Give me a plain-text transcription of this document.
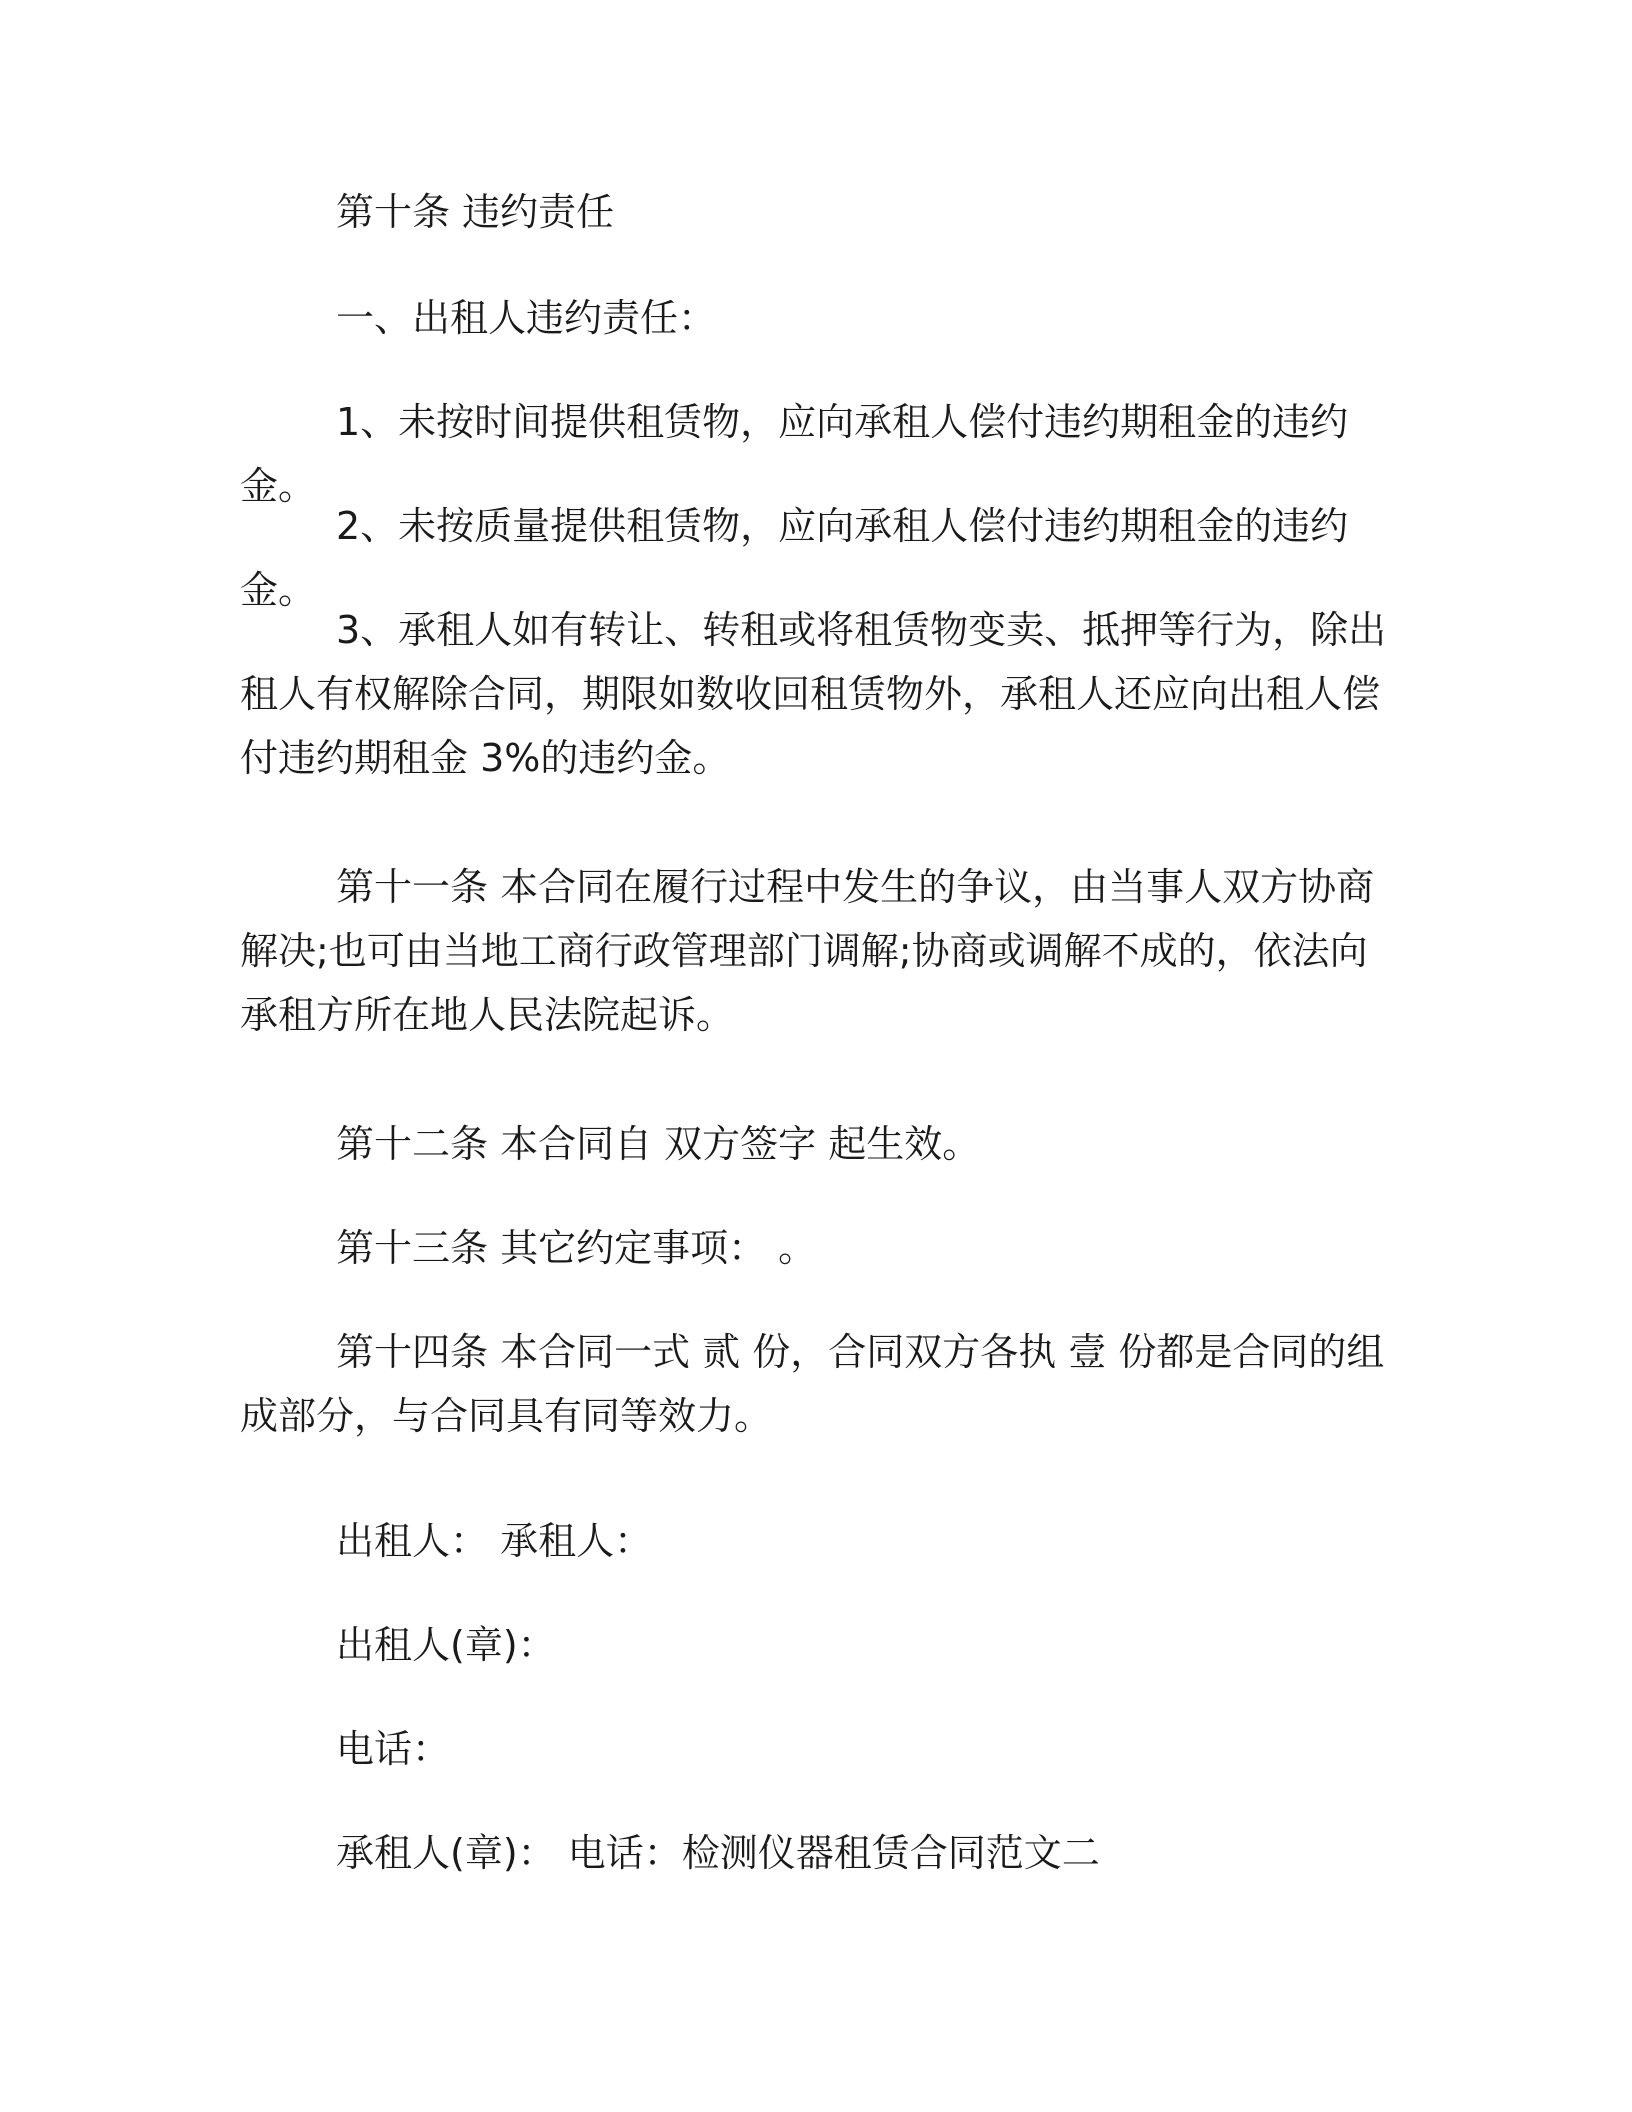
第十条 违约责任

一、出租人违约责任：

1、未按时间提供租赁物，应向承租人偿付违约期租金的违约金。

2、未按质量提供租赁物，应向承租人偿付违约期租金的违约金。

3、承租人如有转让、转租或将租赁物变卖、抵押等行为，除出租人有权解除合同，期限如数收回租赁物外，承租人还应向出租人偿付违约期租金 3%的违约金。

第十一条 本合同在履行过程中发生的争议，由当事人双方协商解决;也可由当地工商行政管理部门调解;协商或调解不成的，依法向承租方所在地人民法院起诉。

第十二条 本合同自 双方签字 起生效。

第十三条 其它约定事项： 。

第十四条 本合同一式 贰 份，合同双方各执 壹 份都是合同的组成部分，与合同具有同等效力。

出租人： 承租人：

出租人(章)：

电话：

承租人(章)： 电话：检测仪器租赁合同范文二
